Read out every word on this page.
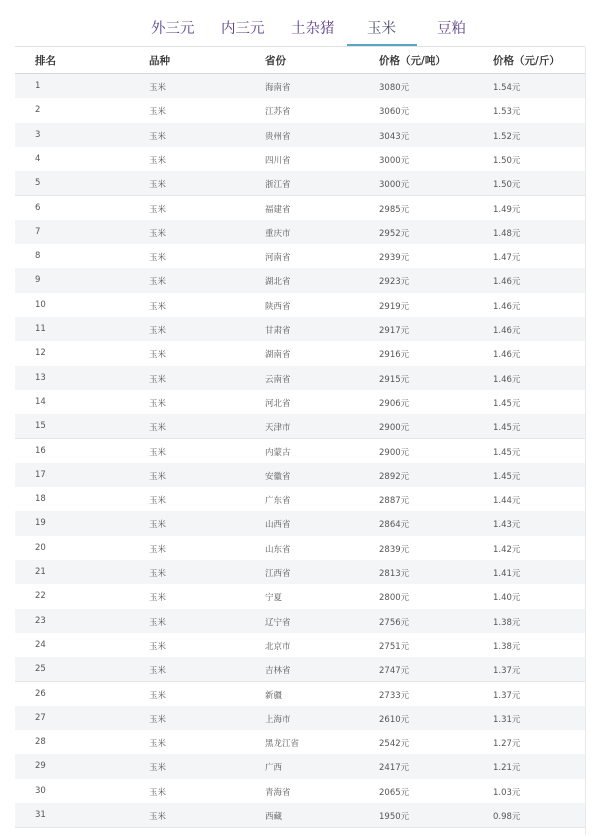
外三元 内三元 土杂猪 玉米	豆粕
排名	品种	省份	价格（元/吨）	价格（元/斤）
1	玉米	海南省	3080元	1.54元
2	玉米	江苏省	3060元	1.53元
3	玉米	贵州省	3043元	1.52元
4	玉米	四川省	3000元	1.50元
5	玉米	浙江省	3000元	1.50元
6	玉米	福建省	2985元	1.49元
7	玉米	重庆市	2952元	1.48元
8	玉米	河南省	2939元	1.47元
9	玉米	湖北省	2923元	1.46元
10	玉米	陕西省	2919元	1.46元
11	玉米	甘肃省	2917元	1.46元
12	玉米	湖南省	2916元	1.46元
13	玉米	云南省	2915元	1.46元
14	玉米	河北省	2906元	1.45元
15	玉米	天津市	2900元	1.45元
16	玉米	内蒙古	2900元	1.45元
17	玉米	安徽省	2892元	1.45元
18	玉米	广东省	2887元	1.44元
19	玉米	山西省	2864元	1.43元
20	玉米	山东省	2839元	1.42元
21	玉米	江西省	2813元	1.41元
22	玉米	宁夏	2800元	1.40元
23	玉米	辽宁省	2756元	1.38元
24	玉米	北京市	2751元	1.38元
25	玉米	吉林省	2747元	1.37元
26	玉米	新疆	2733元	1.37元
27	玉米	上海市	2610元	1.31元
28	玉米	黑龙江省	2542元	1.27元
29	玉米	广西	2417元	1.21元
30	玉米	青海省	2065元	1.03元
31	玉米	西藏	1950元	0.98元
